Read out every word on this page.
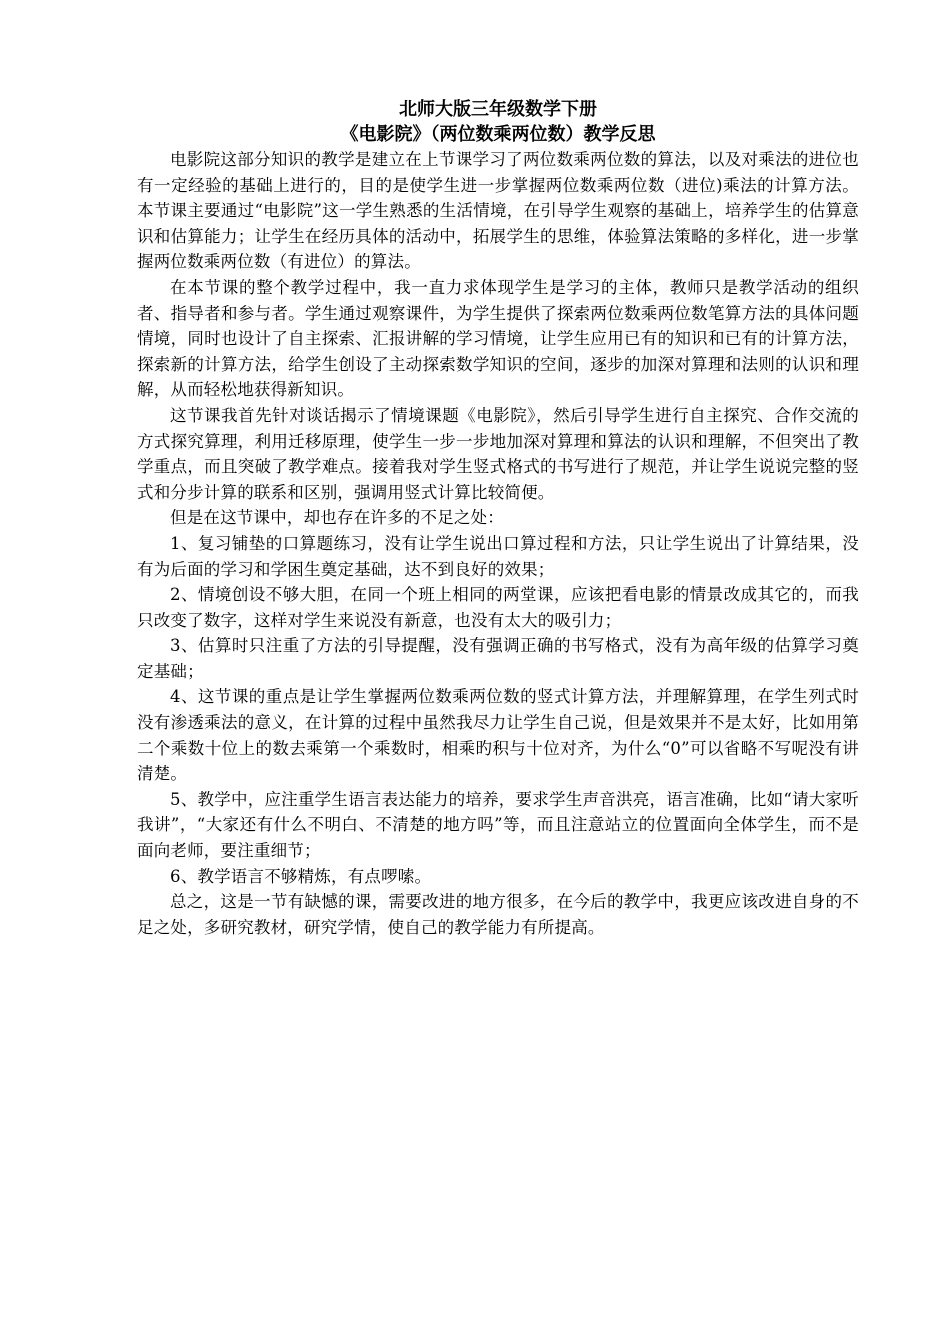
北师大版三年级数学下册
《电影院》（两位数乘两位数）教学反思

电影院这部分知识的教学是建立在上节课学习了两位数乘两位数的算法，以及对乘法的进位也有一定经验的基础上进行的，目的是使学生进一步掌握两位数乘两位数（进位)乘法的计算方法。本节课主要通过“电影院”这一学生熟悉的生活情境，在引导学生观察的基础上，培养学生的估算意识和估算能力；让学生在经历具体的活动中，拓展学生的思维，体验算法策略的多样化，进一步掌握两位数乘两位数（有进位）的算法。

在本节课的整个教学过程中，我一直力求体现学生是学习的主体，教师只是教学活动的组织者、指导者和参与者。学生通过观察课件，为学生提供了探索两位数乘两位数笔算方法的具体问题情境，同时也设计了自主探索、汇报讲解的学习情境，让学生应用已有的知识和已有的计算方法，探索新的计算方法，给学生创设了主动探索数学知识的空间，逐步的加深对算理和法则的认识和理解，从而轻松地获得新知识。

这节课我首先针对谈话揭示了情境课题《电影院》，然后引导学生进行自主探究、合作交流的方式探究算理，利用迁移原理，使学生一步一步地加深对算理和算法的认识和理解，不但突出了教学重点，而且突破了教学难点。接着我对学生竖式格式的书写进行了规范，并让学生说说完整的竖式和分步计算的联系和区别，强调用竖式计算比较简便。

但是在这节课中，却也存在许多的不足之处：

1、复习铺垫的口算题练习，没有让学生说出口算过程和方法，只让学生说出了计算结果，没有为后面的学习和学困生奠定基础，达不到良好的效果；

2、情境创设不够大胆，在同一个班上相同的两堂课，应该把看电影的情景改成其它的，而我只改变了数字，这样对学生来说没有新意，也没有太大的吸引力；

3、估算时只注重了方法的引导提醒，没有强调正确的书写格式，没有为高年级的估算学习奠定基础；

4、这节课的重点是让学生掌握两位数乘两位数的竖式计算方法，并理解算理，在学生列式时没有渗透乘法的意义，在计算的过程中虽然我尽力让学生自己说，但是效果并不是太好，比如用第二个乘数十位上的数去乘第一个乘数时，相乘旳积与十位对齐，为什么“0”可以省略不写呢没有讲清楚。

5、教学中，应注重学生语言表达能力的培养，要求学生声音洪亮，语言准确，比如“请大家听我讲”，“大家还有什么不明白、不清楚的地方吗”等，而且注意站立的位置面向全体学生，而不是面向老师，要注重细节；

6、教学语言不够精炼，有点啰嗦。

总之，这是一节有缺憾的课，需要改进的地方很多，在今后的教学中，我更应该改进自身的不足之处，多研究教材，研究学情，使自己的教学能力有所提高。
